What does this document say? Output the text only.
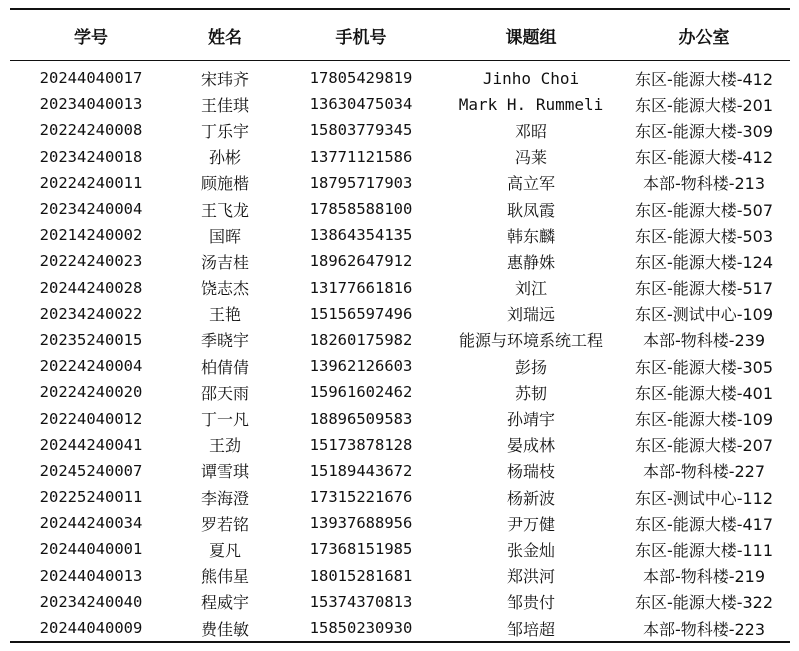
学号	姓名	手机号	课题组	办公室
20244040017	宋玮齐	17805429819	Jinho Choi	东区-能源大楼-412
20234040013	王佳琪	13630475034	Mark H. Rummeli	东区-能源大楼-201
20224240008	丁乐宇	15803779345	邓昭	东区-能源大楼-309
20234240018	孙彬	13771121586	冯莱	东区-能源大楼-412
20224240011	顾施楷	18795717903	高立军	本部-物科楼-213
20234240004	王飞龙	17858588100	耿凤霞	东区-能源大楼-507
20214240002	国晖	13864354135	韩东麟	东区-能源大楼-503
20224240023	汤吉桂	18962647912	惠静姝	东区-能源大楼-124
20244240028	饶志杰	13177661816	刘江	东区-能源大楼-517
20234240022	王艳	15156597496	刘瑞远	东区-测试中心-109
20235240015	季晓宇	18260175982	能源与环境系统工程	本部-物科楼-239
20224240004	柏倩倩	13962126603	彭扬	东区-能源大楼-305
20224240020	邵天雨	15961602462	苏韧	东区-能源大楼-401
20224040012	丁一凡	18896509583	孙靖宇	东区-能源大楼-109
20244240041	王劲	15173878128	晏成林	东区-能源大楼-207
20245240007	谭雪琪	15189443672	杨瑞枝	本部-物科楼-227
20225240011	李海澄	17315221676	杨新波	东区-测试中心-112
20244240034	罗若铭	13937688956	尹万健	东区-能源大楼-417
20244040001	夏凡	17368151985	张金灿	东区-能源大楼-111
20244040013	熊伟星	18015281681	郑洪河	本部-物科楼-219
20234240040	程威宇	15374370813	邹贵付	东区-能源大楼-322
20244040009	费佳敏	15850230930	邹培超	本部-物科楼-223
